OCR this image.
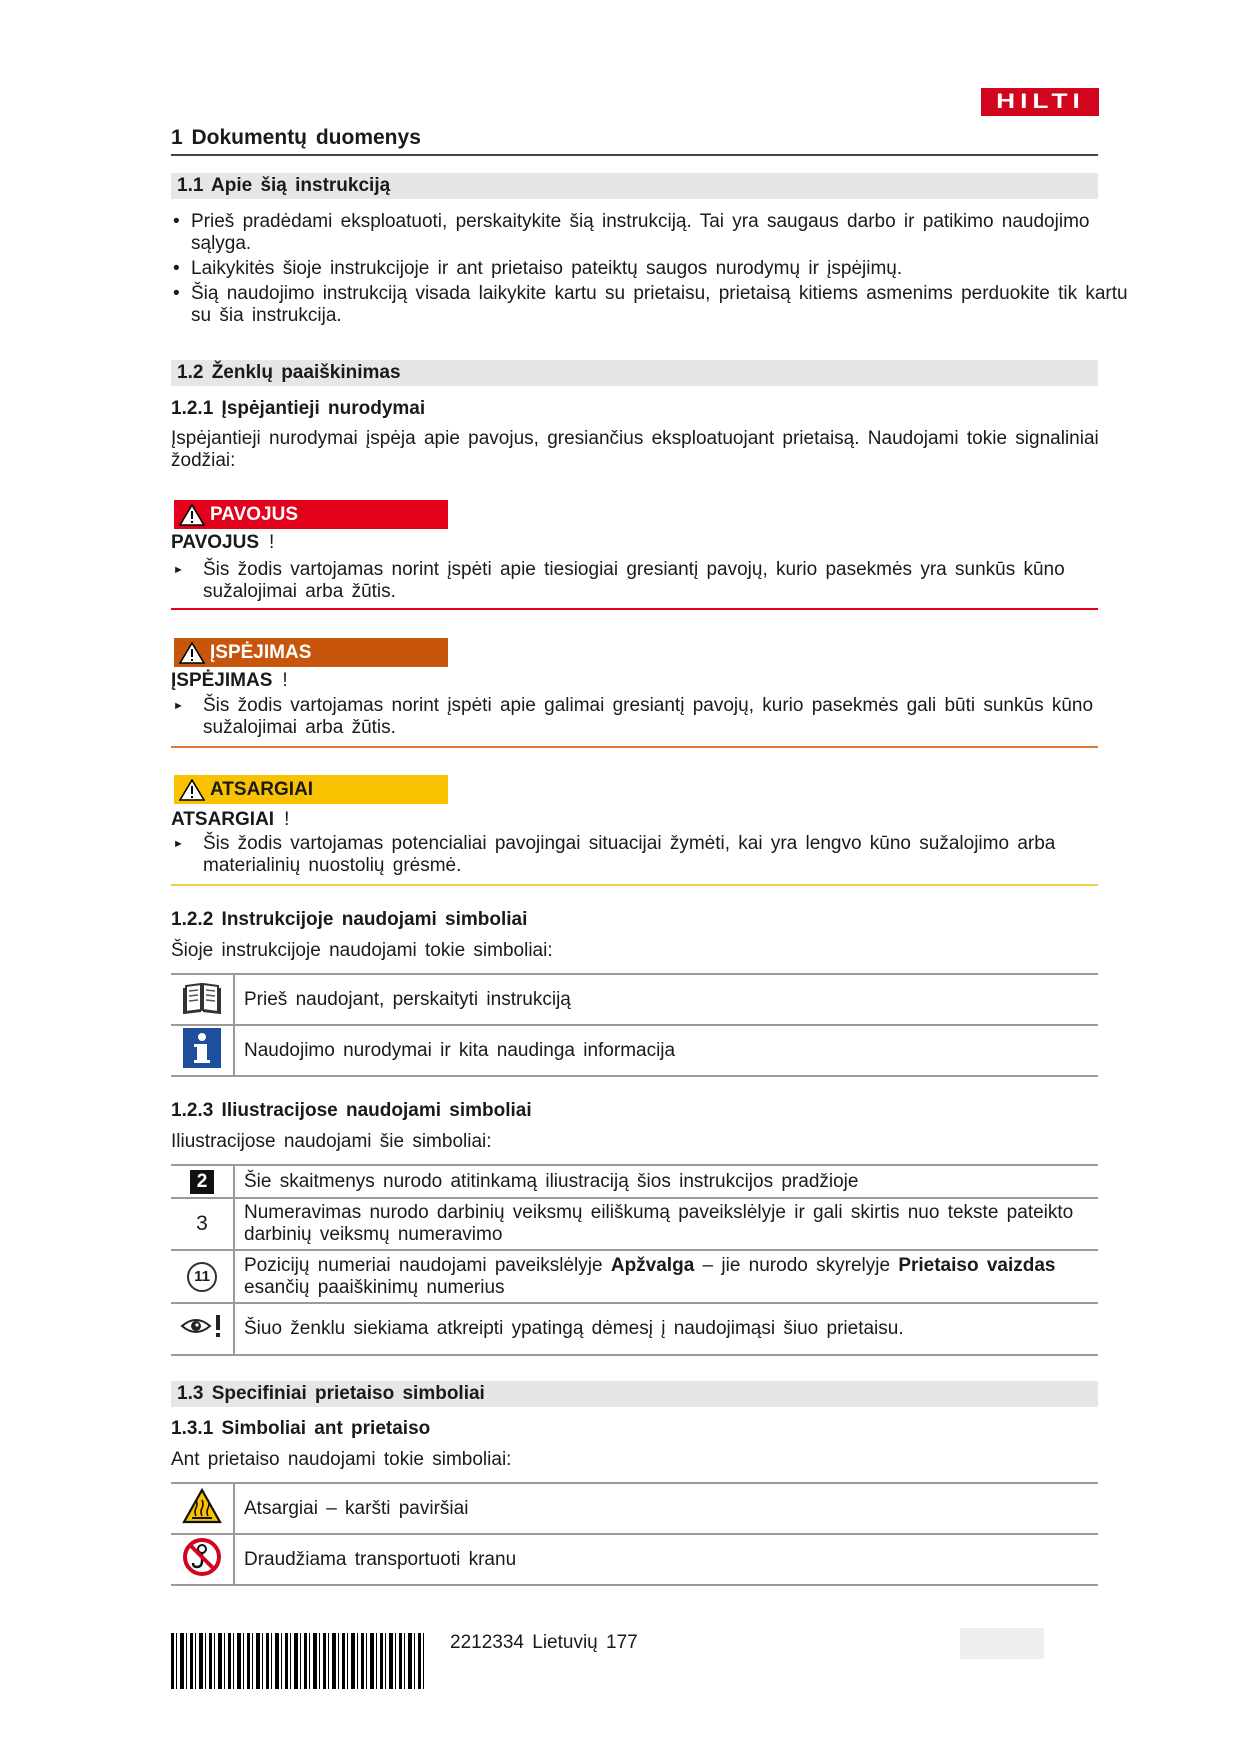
HILTI
1 Dokumentų duomenys
1.1 Apie šią instrukciją
• Prieš pradėdami eksploatuoti, perskaitykite šią instrukciją. Tai yra saugaus darbo ir patikimo naudojimo sąlyga.
• Laikykitės šioje instrukcijoje ir ant prietaiso pateiktų saugos nurodymų ir įspėjimų.
• Šią naudojimo instrukciją visada laikykite kartu su prietaisu, prietaisą kitiems asmenims perduokite tik kartu su šia instrukcija.
1.2 Ženklų paaiškinimas
1.2.1 Įspėjantieji nurodymai
Įspėjantieji nurodymai įspėja apie pavojus, gresiančius eksploatuojant prietaisą. Naudojami tokie signaliniai žodžiai:
PAVOJUS
PAVOJUS !
► Šis žodis vartojamas norint įspėti apie tiesiogiai gresiantį pavojų, kurio pasekmės yra sunkūs kūno sužalojimai arba žūtis.
ĮSPĖJIMAS
ĮSPĖJIMAS !
► Šis žodis vartojamas norint įspėti apie galimai gresiantį pavojų, kurio pasekmės gali būti sunkūs kūno sužalojimai arba žūtis.
ATSARGIAI
ATSARGIAI !
► Šis žodis vartojamas potencialiai pavojingai situacijai žymėti, kai yra lengvo kūno sužalojimo arba materialinių nuostolių grėsmė.
1.2.2 Instrukcijoje naudojami simboliai
Šioje instrukcijoje naudojami tokie simboliai:
	Prieš naudojant, perskaityti instrukciją
	Naudojimo nurodymai ir kita naudinga informacija
1.2.3 Iliustracijose naudojami simboliai
Iliustracijose naudojami šie simboliai:
2	Šie skaitmenys nurodo atitinkamą iliustraciją šios instrukcijos pradžioje
3	Numeravimas nurodo darbinių veiksmų eiliškumą paveikslėlyje ir gali skirtis nuo tekste pateikto darbinių veiksmų numeravimo
11	Pozicijų numeriai naudojami paveikslėlyje Apžvalga – jie nurodo skyrelyje Prietaiso vaizdas esančių paaiškinimų numerius
	Šiuo ženklu siekiama atkreipti ypatingą dėmesį į naudojimąsi šiuo prietaisu.
1.3 Specifiniai prietaiso simboliai
1.3.1 Simboliai ant prietaiso
Ant prietaiso naudojami tokie simboliai:
	Atsargiai – karšti paviršiai
	Draudžiama transportuoti kranu
2212334 Lietuvių 177
